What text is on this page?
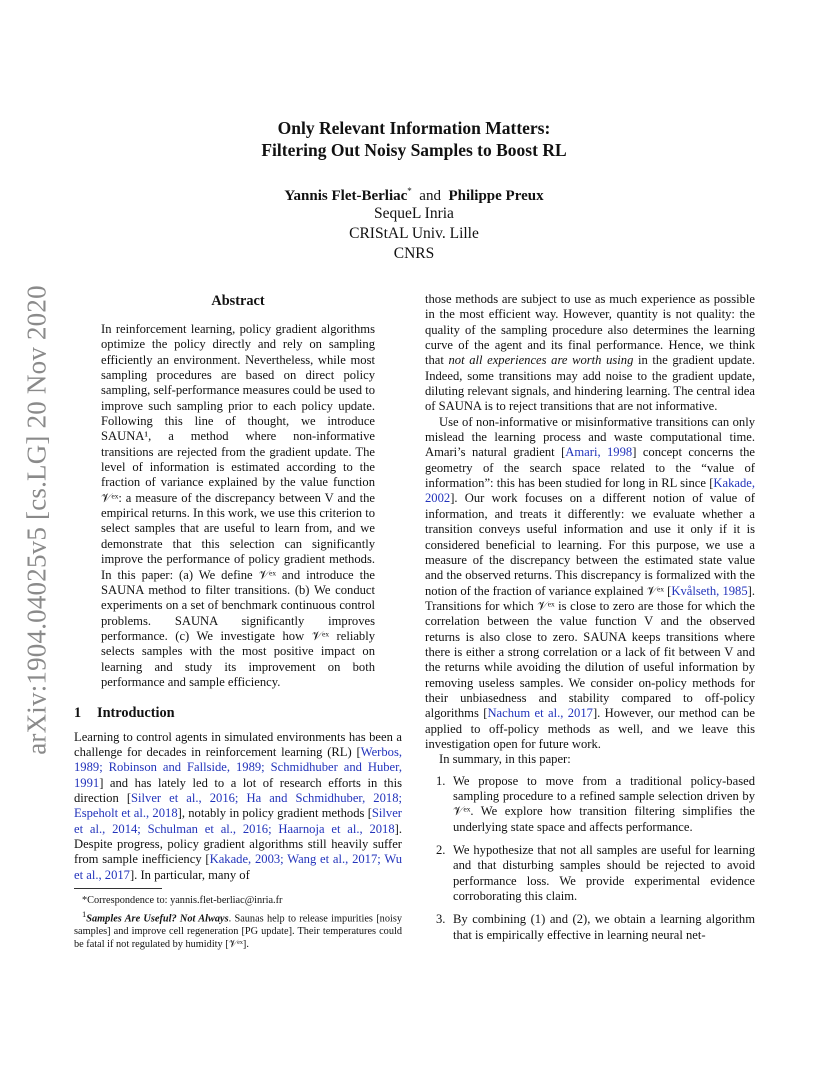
arXiv:1904.04025v5 [cs.LG] 20 Nov 2020
Only Relevant Information Matters:
Filtering Out Noisy Samples to Boost RL
Yannis Flet-Berliac* and Philippe Preux
SequeL Inria
CRIStAL Univ. Lille
CNRS
Abstract

In reinforcement learning, policy gradient algorithms optimize the policy directly and rely on sampling efficiently an environment. Nevertheless, while most sampling procedures are based on direct policy sampling, self-performance measures could be used to improve such sampling prior to each policy update. Following this line of thought, we introduce SAUNA¹, a method where non-informative transitions are rejected from the gradient update. The level of information is estimated according to the fraction of variance explained by the value function 𝒱ᵉˣ: a measure of the discrepancy between V and the empirical returns. In this work, we use this criterion to select samples that are useful to learn from, and we demonstrate that this selection can significantly improve the performance of policy gradient methods. In this paper: (a) We define 𝒱ᵉˣ and introduce the SAUNA method to filter transitions. (b) We conduct experiments on a set of benchmark continuous control problems. SAUNA significantly improves performance. (c) We investigate how 𝒱ᵉˣ reliably selects samples with the most positive impact on learning and study its improvement on both performance and sample efficiency.

1 Introduction

Learning to control agents in simulated environments has been a challenge for decades in reinforcement learning (RL) [Werbos, 1989; Robinson and Fallside, 1989; Schmidhuber and Huber, 1991] and has lately led to a lot of research efforts in this direction [Silver et al., 2016; Ha and Schmidhuber, 2018; Espeholt et al., 2018], notably in policy gradient methods [Silver et al., 2014; Schulman et al., 2016; Haarnoja et al., 2018]. Despite progress, policy gradient algorithms still heavily suffer from sample inefficiency [Kakade, 2003; Wang et al., 2017; Wu et al., 2017]. In particular, many of

*Correspondence to: yannis.flet-berliac@inria.fr

$^1$Samples Are Useful? Not Always. Saunas help to release impurities [noisy samples] and improve cell regeneration [PG update]. Their temperatures could be fatal if not regulated by humidity [𝒱ᵉˣ].

those methods are subject to use as much experience as possible in the most efficient way. However, quantity is not quality: the quality of the sampling procedure also determines the learning curve of the agent and its final performance. Hence, we think that not all experiences are worth using in the gradient update. Indeed, some transitions may add noise to the gradient update, diluting relevant signals, and hindering learning. The central idea of SAUNA is to reject transitions that are not informative.

Use of non-informative or misinformative transitions can only mislead the learning process and waste computational time. Amari’s natural gradient [Amari, 1998] concept concerns the geometry of the search space related to the “value of information”: this has been studied for long in RL since [Kakade, 2002]. Our work focuses on a different notion of value of information, and treats it differently: we evaluate whether a transition conveys useful information and use it only if it is considered beneficial to learning. For this purpose, we use a measure of the discrepancy between the estimated state value and the observed returns. This discrepancy is formalized with the notion of the fraction of variance explained 𝒱ᵉˣ [Kvålseth, 1985]. Transitions for which 𝒱ᵉˣ is close to zero are those for which the correlation between the value function V and the observed returns is also close to zero. SAUNA keeps transitions where there is either a strong correlation or a lack of fit between V and the returns while avoiding the dilution of useful information by removing useless samples. We consider on-policy methods for their unbiasedness and stability compared to off-policy algorithms [Nachum et al., 2017]. However, our method can be applied to off-policy methods as well, and we leave this investigation open for future work.

In summary, in this paper:

1. We propose to move from a traditional policy-based sampling procedure to a refined sample selection driven by 𝒱ᵉˣ. We explore how transition filtering simplifies the underlying state space and affects performance.
2. We hypothesize that not all samples are useful for learning and that disturbing samples should be rejected to avoid performance loss. We provide experimental evidence corroborating this claim.
3. By combining (1) and (2), we obtain a learning algorithm that is empirically effective in learning neural net-
